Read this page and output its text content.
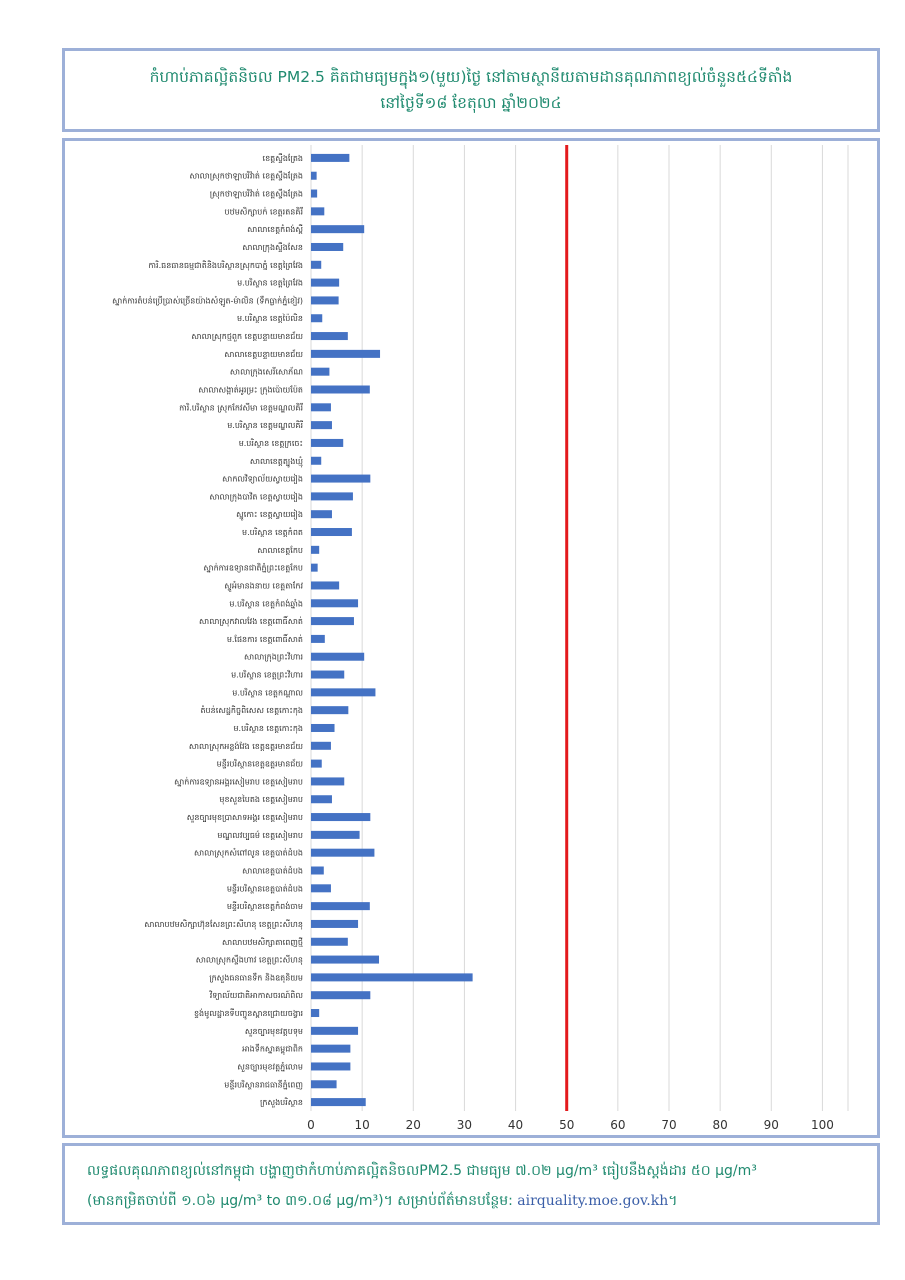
កំហាប់ភាគល្អិតនិចល PM2.5 គិតជាមធ្យមក្នុង១(មួយ)ថ្ងៃ នៅតាមស្ថានីយតាមដានគុណភាពខ្យល់ចំនួន៥៤ទីតាំង
នៅថ្ងៃទី១៨ ខែតុលា ឆ្នាំ២០២៤
ខេត្តស្ទឹងត្រែង
សាលាស្រុកថាឡាបរិវ៉ាត់ ខេត្តស្ទឹងត្រែង
ស្រុកថាឡាបរិវ៉ាត់ ខេត្តស្ទឹងត្រែង
បឋមសិក្សាបក់ ខេត្តរតនគិរី
សាលាខេត្តកំពង់ស្ពឺ
សាលាក្រុងស្ទឹងសែន
ការិ.ធនធានធម្មជាតិនិងបរិស្ថានស្រុកបាភ្នំ ខេត្តព្រៃវែង
ម.បរិស្ថាន ខេត្តព្រៃវែង
ស្នាក់ការតំបន់ប្រើប្រាស់ច្រើនយ៉ាងសំឡូត-ម៉ាលិន (ទឹកធ្លាក់ភ្នំខៀវ)
ម.បរិស្ថាន ខេត្តប៉ៃលិន
សាលាស្រុកថ្មពួក ខេត្តបន្ទាយមានជ័យ
សាលាខេត្តបន្ទាយមានជ័យ
សាលាក្រុងសេរីសោភ័ណ
សាលាសង្កាត់អូរម្រះ ក្រុងប៉ោយប៉ែត
ការិ.បរិស្ថាន ស្រុកកែវសីមា ខេត្តមណ្ឌលគិរី
ម.បរិស្ថាន ខេត្តមណ្ឌលគិរី
ម.បរិស្ថាន ខេត្តក្រចេះ
សាលាខេត្តត្បូងឃ្មុំ
សាកលវិទ្យាល័យស្វាយរៀង
សាលាក្រុងបាវិត ខេត្តស្វាយរៀង
ស្នូកោះ ខេត្តស្វាយរៀង
ម.បរិស្ថាន ខេត្តកំពត
សាលាខេត្តកែប
ស្នាក់ការឧទ្យានជាតិភ្នំព្រះខេត្តកែប
ស្ទូអំមានងនាយ ខេត្តតាកែវ
ម.បរិស្ថាន ខេត្តកំពង់ឆ្នាំង
សាលាស្រុកវាលវែង ខេត្តពោធិ៍សាត់
ម.ផែនការ ខេត្តពោធិ៍សាត់
សាលាក្រុងព្រះវិហារ
ម.បរិស្ថាន ខេត្តព្រះវិហារ
ម.បរិស្ថាន ខេត្តកណ្តាល
តំបន់សេដ្ឋកិច្ចពិសេស ខេត្តកោះកុង
ម.បរិស្ថាន ខេត្តកោះកុង
សាលាស្រុកអន្លង់វែង ខេត្តឧត្តរមានជ័យ
មន្ទីរបរិស្ថានខេត្តឧត្តរមានជ័យ
ស្នាក់ការឧទ្យានអង្គរសៀមរាប ខេត្តសៀមរាប
មុខសួនបៃតង ខេត្តសៀមរាប
សួនច្បារមុខប្រាសាទអង្គរ ខេត្តសៀមរាប
មណ្ឌលវប្បធម៌ ខេត្តសៀមរាប
សាលាស្រុកសំពៅលូន ខេត្តបាត់ដំបង
សាលាខេត្តបាត់ដំបង
មន្ទីរបរិស្ថានខេត្តបាត់ដំបង
មន្ទីរបរិស្ថានខេត្តកំពង់ចាម
សាលាបឋមសិក្សាហ៊ុនសែនព្រះសីហនុ ខេត្តព្រះសីហនុ
សាលាបឋមសិក្សាតាពេញថ្មី
សាលាស្រុកស្ទឹងហាវ ខេត្តព្រះសីហនុ
ក្រសួងធនធានទឹក និងឧតុនិយម
វិទ្យាល័យជាតិអាកាសចរណ៍ពិល
ខ្ទង់មូលដ្ឋានទីបញ្ចូនស្ពានជ្រោយចង្វារ
សួនច្បារមុខវត្តបទុម
អាងទឹកស្នាគម្ពុជាពិក
សួនច្បារមុខវត្តភ្នំលោម
មន្ទីរបរិស្ថានរាជធានីភ្នំពេញ
ក្រសួងបរិស្ថាន
0	10	20	30	40	50	60	70	80	90	100
លទ្ធផលគុណភាពខ្យល់នៅកម្ពុជា បង្ហាញថាកំហាប់ភាគល្អិតនិចលPM2.5 ជាមធ្យម ៧.០២ μg/m³ ធៀបនឹងស្តង់ដារ ៥០ μg/m³
(មានកម្រិតចាប់ពី ១.០៦ μg/m³ to ៣១.០៨ μg/m³)។ សម្រាប់ព័ត៌មានបន្ថែម: airquality.moe.gov.kh។
